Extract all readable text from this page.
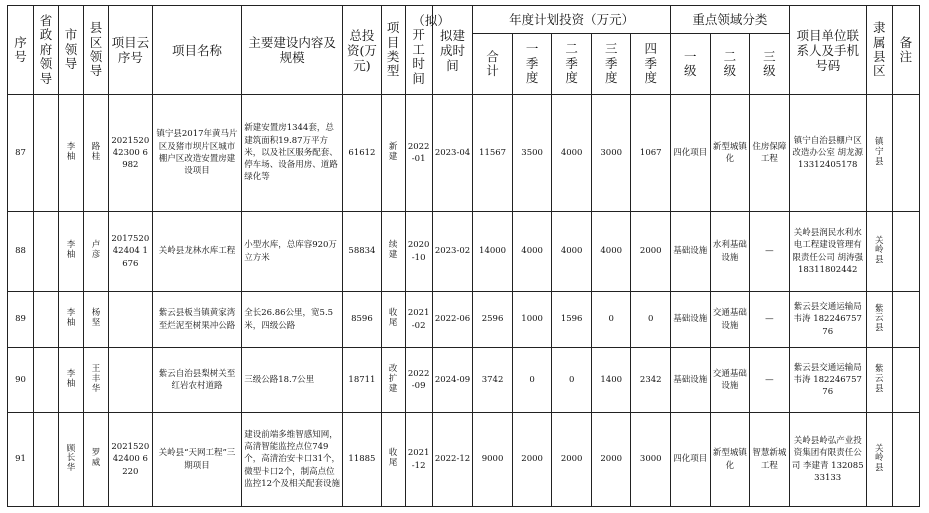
序号	省政府领导	市领导	县区领导	项目云序号	项目名称	主要建设内容及规模	总投资(万元)	项目类型	（拟）开工时间	拟建成时间	年度计划投资（万元）					重点领域分类			项目单位联系人及手机号码	隶属县区	备注
											合计	一季度	二季度	三季度	四季度	一级	二级	三级			
87		李柚	路桂	202152042300 6982	镇宁县2017年黄马片区及猪市坝片区城市棚户区改造安置房建设项目	新建安置房1344套，总建筑面积19.87万平方米，以及社区服务配套、停车场、设备用房、道路绿化等	61612	新建	2022-01	2023-04	11567	3500	4000	3000	1067	四化项目	新型城镇化	住房保障工程	镇宁自治县棚户区改造办公室 胡龙源 13312405178	镇宁县	
88		李柚	卢彦	201752042404 1676	关岭县龙林水库工程	小型水库，总库容920万立方米	58834	续建	2020-10	2023-02	14000	4000	4000	4000	2000	基础设施	水利基础设施	—	关岭县润民水利水电工程建设管理有限责任公司 胡涛强 18311802442	关岭县	
89		李柚	杨坚		紫云县板当镇黄家湾至烂泥至树果冲公路	全长26.86公里，宽5.5米，四级公路	8596	收尾	2021-02	2022-06	2596	1000	1596	0	0	基础设施	交通基础设施	—	紫云县交通运输局 韦涛 18224675776	紫云县	
90		李柚	王丰华		紫云自治县梨树关至红岩农村道路	三级公路18.7公里	18711	改扩建	2022-09	2024-09	3742	0	0	1400	2342	基础设施	交通基础设施	—	紫云县交通运输局 韦涛 18224675776	紫云县	
91		顾长华	罗威	202152042400 6220	关岭县“天网工程”三期项目	建设前端多维智感知网，高清智能监控点位749个，高清治安卡口31个，微型卡口2个，制高点位监控12个及相关配套设施	11885	收尾	2021-12	2022-12	9000	2000	2000	2000	3000	四化项目	新型城镇化	智慧新城工程	关岭县岭弘产业投资集团有限责任公司 李建青 13208533133	关岭县	
